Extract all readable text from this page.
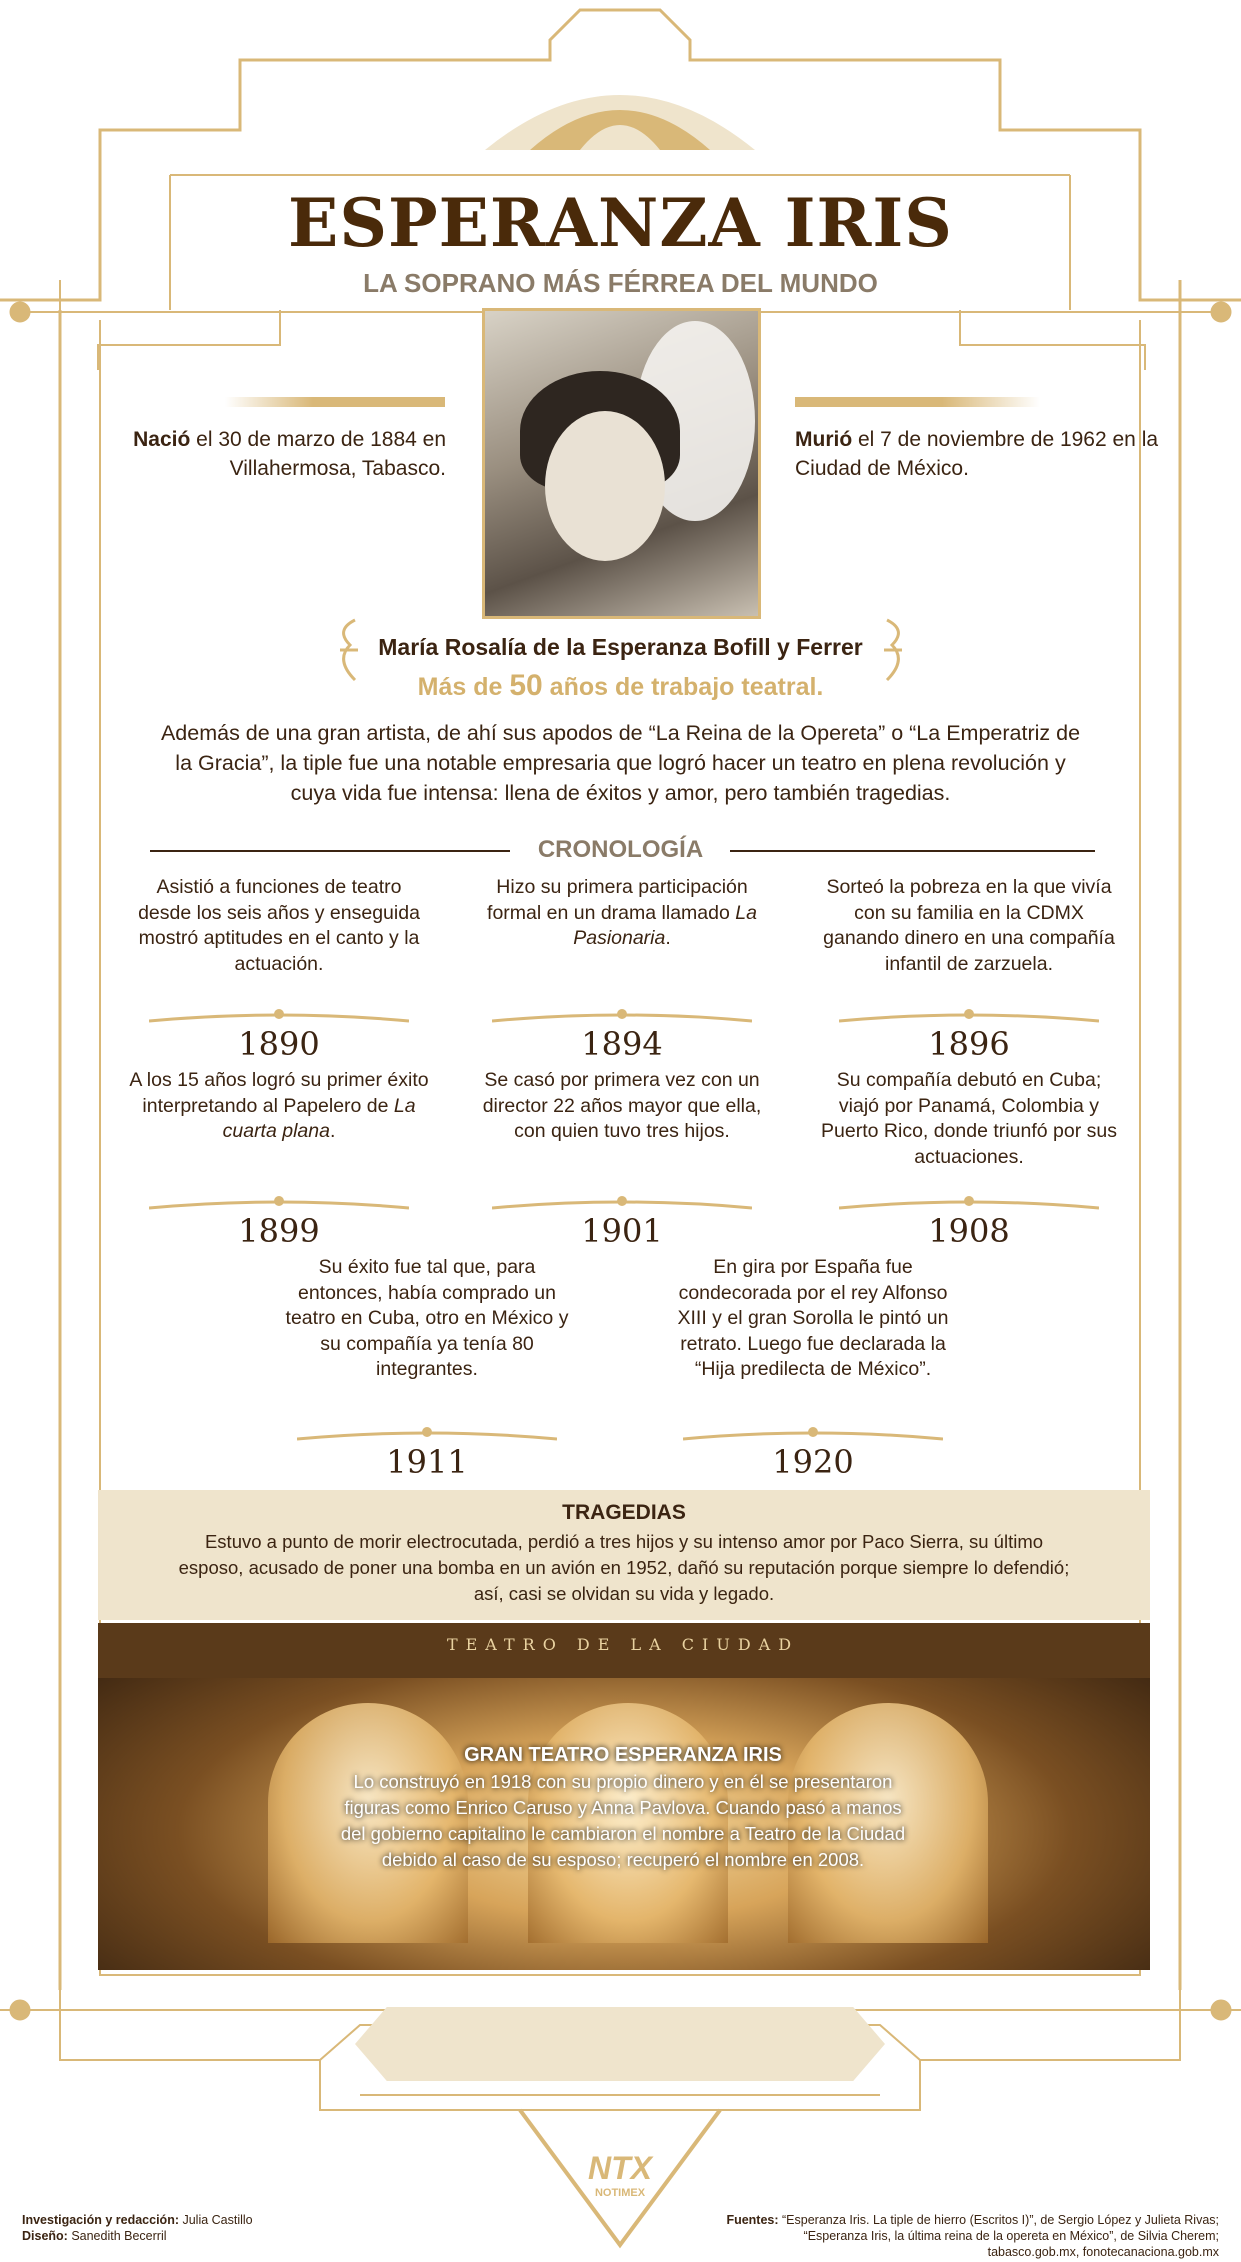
ESPERANZA IRIS
LA SOPRANO MÁS FÉRREA DEL MUNDO
Nació el 30 de marzo de 1884 en Villahermosa, Tabasco.
Murió el 7 de noviembre de 1962 en la Ciudad de México.
María Rosalía de la Esperanza Bofill y Ferrer
Más de 50 años de trabajo teatral.
Además de una gran artista, de ahí sus apodos de “La Reina de la Opereta” o “La Emperatriz de la Gracia”, la tiple fue una notable empresaria que logró hacer un teatro en plena revolución y cuya vida fue intensa: llena de éxitos y amor, pero también tragedias.
CRONOLOGÍA
Asistió a funciones de teatro desde los seis años y enseguida mostró aptitudes en el canto y la actuación.
1890
Hizo su primera participación formal en un drama llamado La Pasionaria.
1894
Sorteó la pobreza en la que vivía con su familia en la CDMX ganando dinero en una compañía infantil de zarzuela.
1896
A los 15 años logró su primer éxito interpretando al Papelero de La cuarta plana.
1899
Se casó por primera vez con un director 22 años mayor que ella, con quien tuvo tres hijos.
1901
Su compañía debutó en Cuba; viajó por Panamá, Colombia y Puerto Rico, donde triunfó por sus actuaciones.
1908
Su éxito fue tal que, para entonces, había comprado un teatro en Cuba, otro en México y su compañía ya tenía 80 integrantes.
1911
En gira por España fue condecorada por el rey Alfonso XIII y el gran Sorolla le pintó un retrato. Luego fue declarada la “Hija predilecta de México”.
1920
TRAGEDIAS

Estuvo a punto de morir electrocutada, perdió a tres hijos y su intenso amor por Paco Sierra, su último esposo, acusado de poner una bomba en un avión en 1952, dañó su reputación porque siempre lo defendió; así, casi se olvidan su vida y legado.

TEATRO DE LA CIUDAD
GRAN TEATRO ESPERANZA IRIS

Lo construyó en 1918 con su propio dinero y en él se presentaron figuras como Enrico Caruso y Anna Pavlova. Cuando pasó a manos del gobierno capitalino le cambiaron el nombre a Teatro de la Ciudad debido al caso de su esposo; recuperó el nombre en 2008.

NTX
NOTIMEX
Investigación y redacción: Julia Castillo
Diseño: Sanedith Becerril
Fuentes: “Esperanza Iris. La tiple de hierro (Escritos I)”, de Sergio López y Julieta Rivas;
“Esperanza Iris, la última reina de la opereta en México”, de Silvia Cherem;
tabasco.gob.mx, fonotecanaciona.gob.mx
